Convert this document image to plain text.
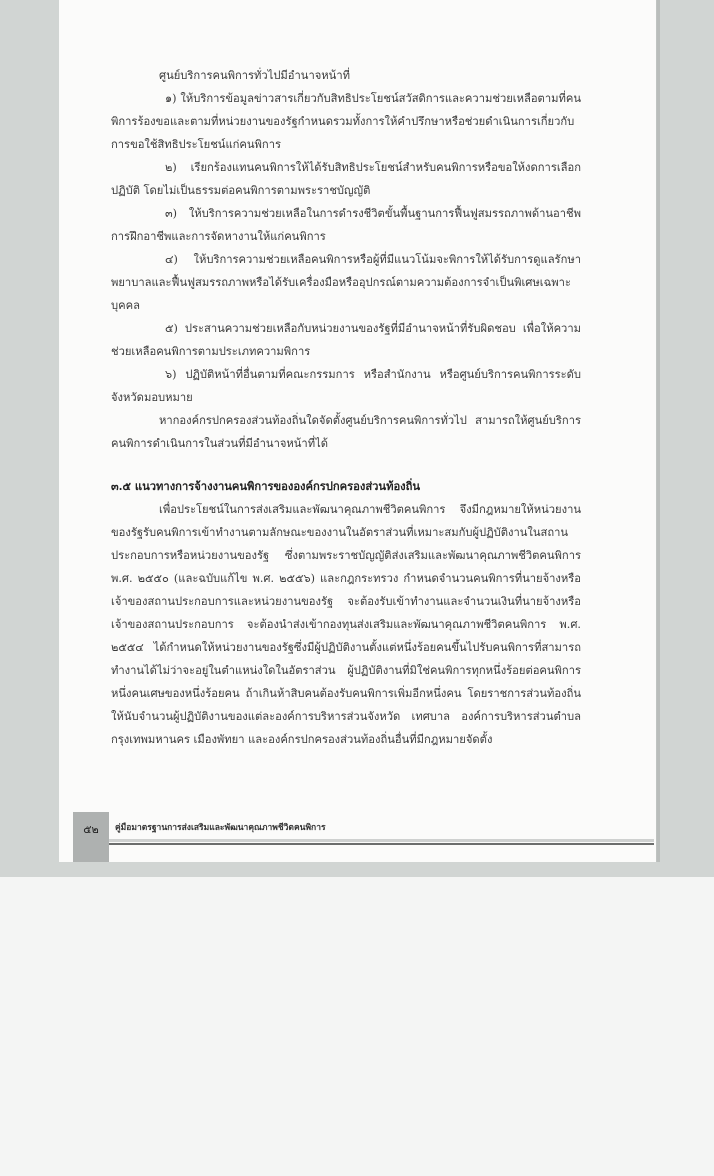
ศูนย์บริการคนพิการทั่วไปมีอำนาจหน้าที่

๑) ให้บริการข้อมูลข่าวสารเกี่ยวกับสิทธิประโยชน์สวัสดิการและความช่วยเหลือตามที่คนพิการร้องขอและตามที่หน่วยงานของรัฐกำหนดรวมทั้งการให้คำปรึกษาหรือช่วยดำเนินการเกี่ยวกับการขอใช้สิทธิประโยชน์แก่คนพิการ

๒) เรียกร้องแทนคนพิการให้ได้รับสิทธิประโยชน์สำหรับคนพิการหรือขอให้งดการเลือกปฏิบัติ โดยไม่เป็นธรรมต่อคนพิการตามพระราชบัญญัติ

๓) ให้บริการความช่วยเหลือในการดำรงชีวิตขั้นพื้นฐานการฟื้นฟูสมรรถภาพด้านอาชีพการฝึกอาชีพและการจัดหางานให้แก่คนพิการ

๔) ให้บริการความช่วยเหลือคนพิการหรือผู้ที่มีแนวโน้มจะพิการให้ได้รับการดูแลรักษาพยาบาลและฟื้นฟูสมรรถภาพหรือได้รับเครื่องมือหรืออุปกรณ์ตามความต้องการจำเป็นพิเศษเฉพาะบุคคล

๕) ประสานความช่วยเหลือกับหน่วยงานของรัฐที่มีอำนาจหน้าที่รับผิดชอบ เพื่อให้ความช่วยเหลือคนพิการตามประเภทความพิการ

๖) ปฏิบัติหน้าที่อื่นตามที่คณะกรรมการ หรือสำนักงาน หรือศูนย์บริการคนพิการระดับจังหวัดมอบหมาย

หากองค์กรปกครองส่วนท้องถิ่นใดจัดตั้งศูนย์บริการคนพิการทั่วไป สามารถให้ศูนย์บริการคนพิการดำเนินการในส่วนที่มีอำนาจหน้าที่ได้

๓.๕ แนวทางการจ้างงานคนพิการขององค์กรปกครองส่วนท้องถิ่น

เพื่อประโยชน์ในการส่งเสริมและพัฒนาคุณภาพชีวิตคนพิการ จึงมีกฎหมายให้หน่วยงานของรัฐรับคนพิการเข้าทำงานตามลักษณะของงานในอัตราส่วนที่เหมาะสมกับผู้ปฏิบัติงานในสถานประกอบการหรือหน่วยงานของรัฐ ซึ่งตามพระราชบัญญัติส่งเสริมและพัฒนาคุณภาพชีวิตคนพิการ พ.ศ. ๒๕๕๐ (และฉบับแก้ไข พ.ศ. ๒๕๕๖) และกฎกระทรวง กำหนดจำนวนคนพิการที่นายจ้างหรือเจ้าของสถานประกอบการและหน่วยงานของรัฐ จะต้องรับเข้าทำงานและจำนวนเงินที่นายจ้างหรือเจ้าของสถานประกอบการ จะต้องนำส่งเข้ากองทุนส่งเสริมและพัฒนาคุณภาพชีวิตคนพิการ พ.ศ. ๒๕๕๔ ได้กำหนดให้หน่วยงานของรัฐซึ่งมีผู้ปฏิบัติงานตั้งแต่หนึ่งร้อยคนขึ้นไปรับคนพิการที่สามารถทำงานได้ไม่ว่าจะอยู่ในตำแหน่งใดในอัตราส่วน ผู้ปฏิบัติงานที่มิใช่คนพิการทุกหนึ่งร้อยต่อคนพิการหนึ่งคนเศษของหนึ่งร้อยคน ถ้าเกินห้าสิบคนต้องรับคนพิการเพิ่มอีกหนึ่งคน โดยราชการส่วนท้องถิ่นให้นับจำนวนผู้ปฏิบัติงานของแต่ละองค์การบริหารส่วนจังหวัด เทศบาล องค์การบริหารส่วนตำบล กรุงเทพมหานคร เมืองพัทยา และองค์กรปกครองส่วนท้องถิ่นอื่นที่มีกฎหมายจัดตั้ง

๕๒	คู่มือมาตรฐานการส่งเสริมและพัฒนาคุณภาพชีวิตคนพิการ
